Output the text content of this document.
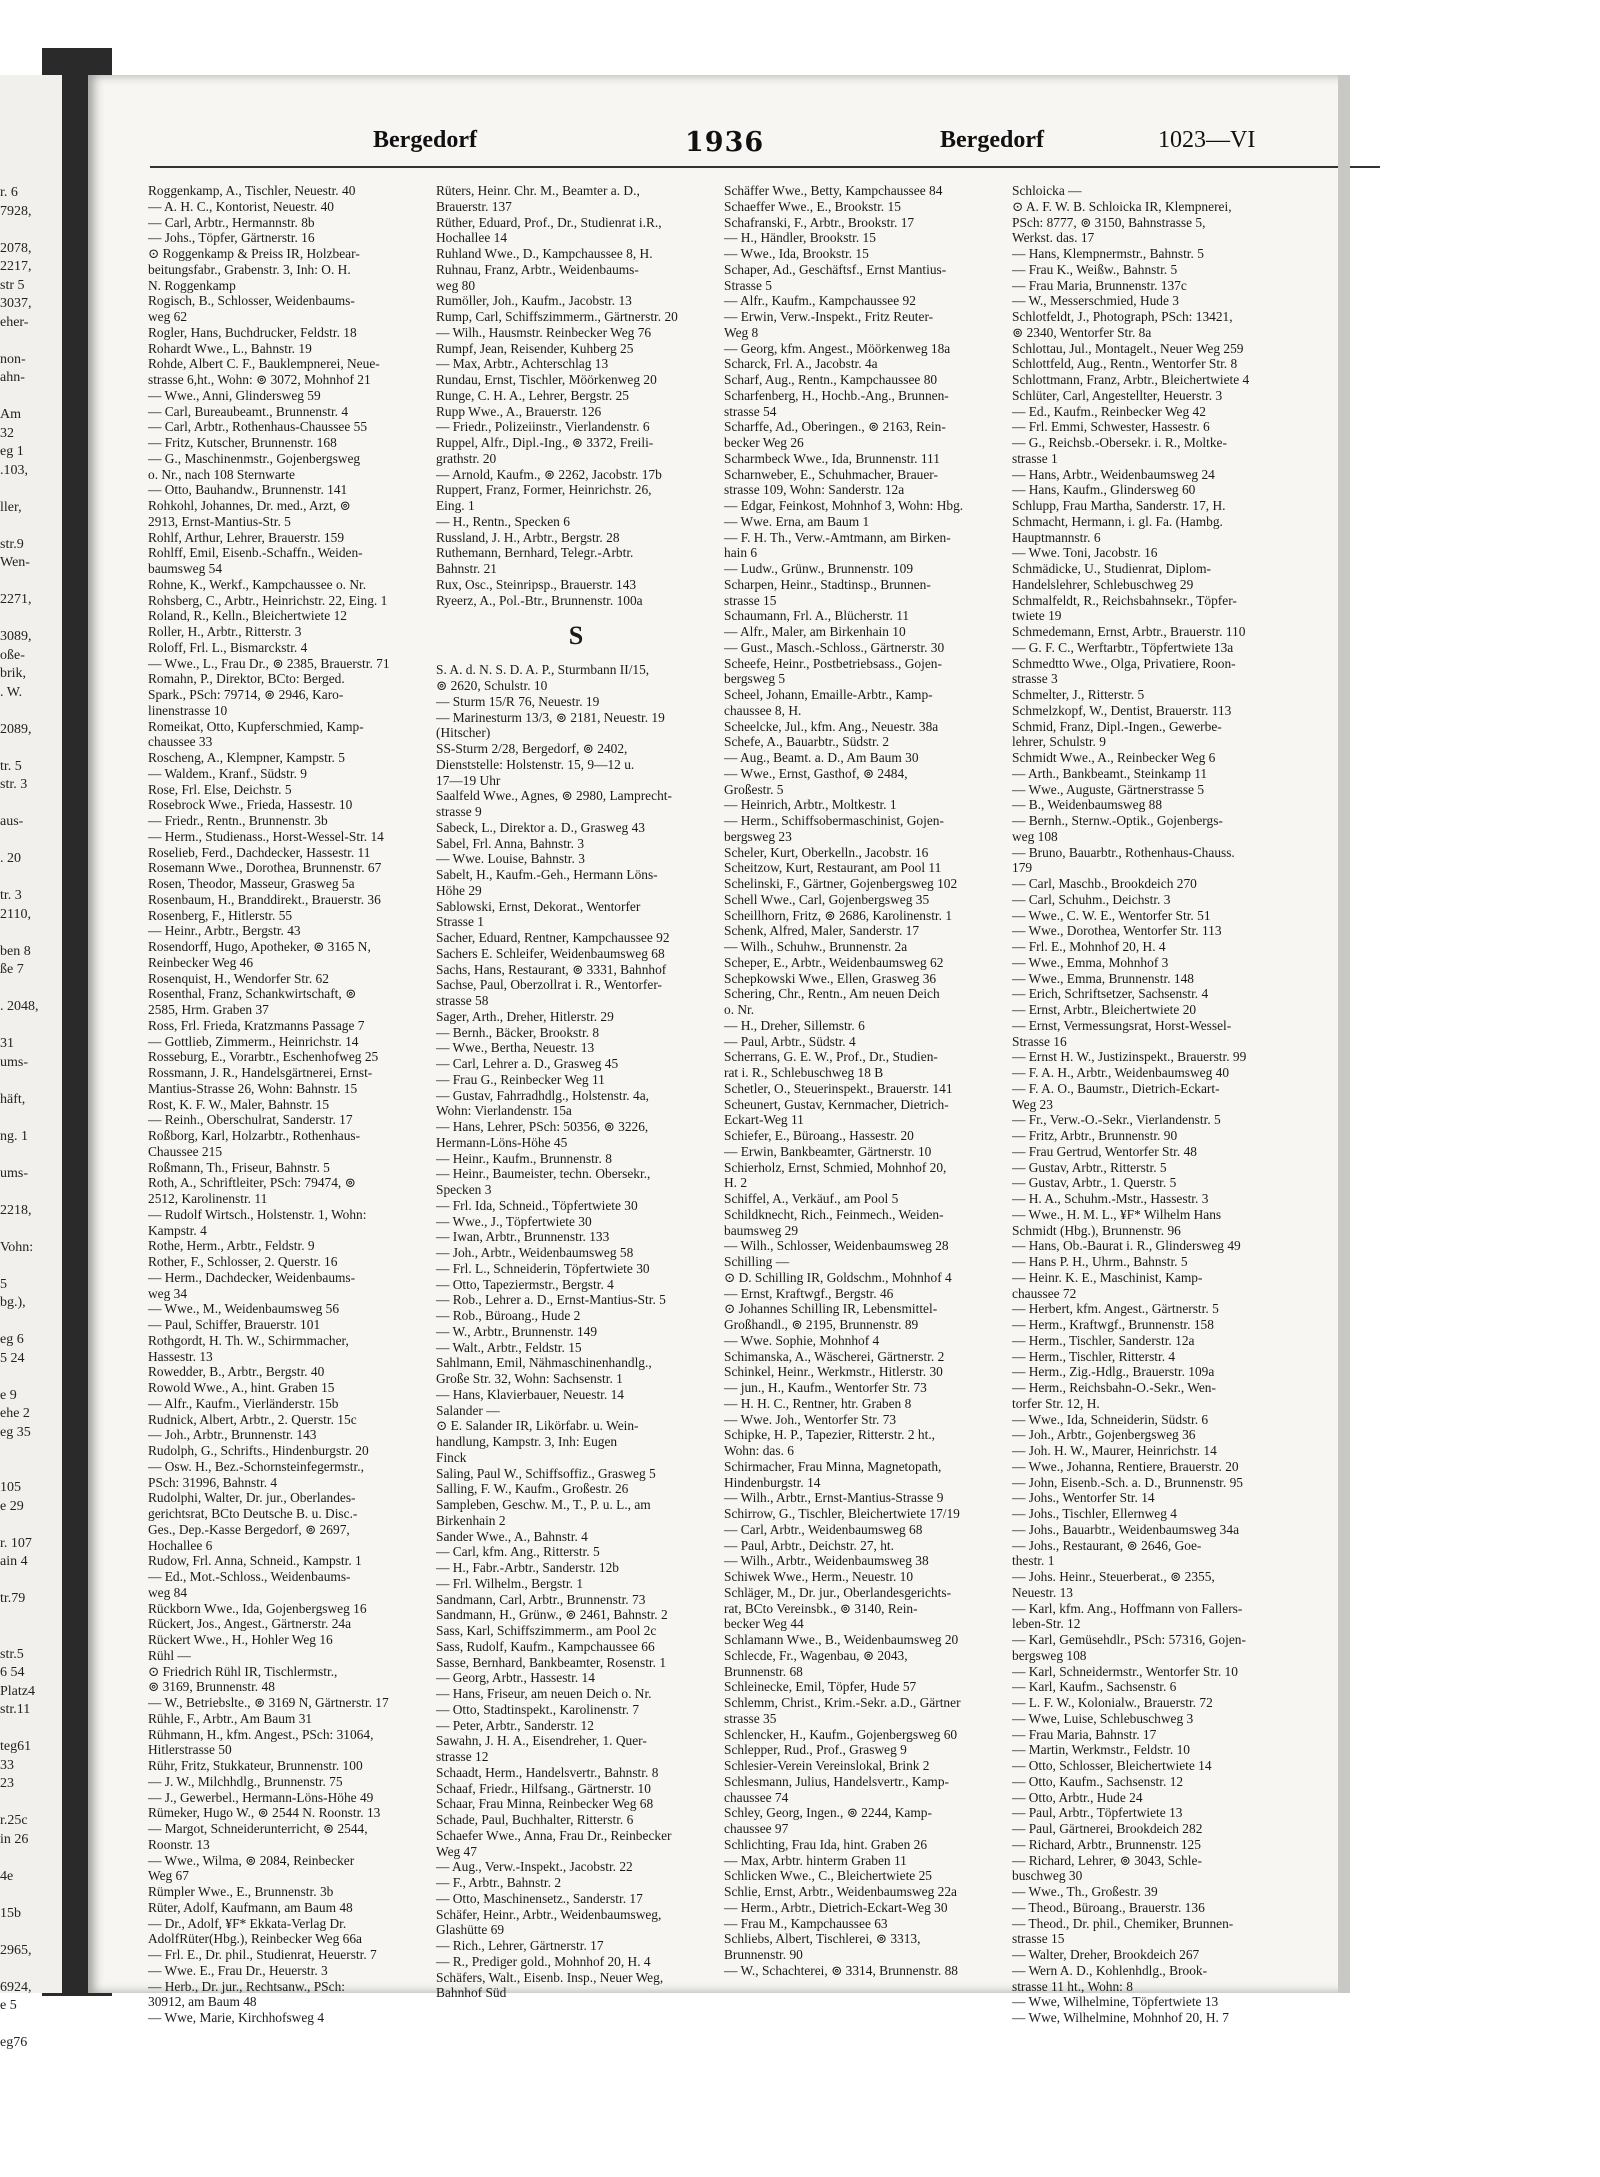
r. 6
7928,
2078,
2217,
str 5
3037,
eher-
non-
ahn-
Am
32
eg 1
.103,
ller,
str.9
Wen-
2271,
3089,
oße-
brik,
. W.
2089,
tr. 5
str. 3
aus-
. 20
tr. 3
2110,
ben 8
ße 7
. 2048,
31
ums-
häft,
ng. 1
ums-
2218,
Vohn:
5
bg.),
eg 6
5 24
e 9
ehe 2
eg 35
105
e 29
r. 107
ain 4
tr.79
str.5
6 54
Platz4
str.11
teg61
33
23
r.25c
in 26
4e
15b
2965,
6924,
e 5
eg76
Bergedorf	1936	Bergedorf	1023—VI
Roggenkamp, A., Tischler, Neuestr. 40
— A. H. C., Kontorist, Neuestr. 40
— Carl, Arbtr., Hermannstr. 8b
— Johs., Töpfer, Gärtnerstr. 16
⊙ Roggenkamp & Preiss IR, Holzbear-
beitungsfabr., Grabenstr. 3, Inh: O. H.
N. Roggenkamp
Rogisch, B., Schlosser, Weidenbaums-
weg 62
Rogler, Hans, Buchdrucker, Feldstr. 18
Rohardt Wwe., L., Bahnstr. 19
Rohde, Albert C. F., Bauklempnerei, Neue-
strasse 6,ht., Wohn: ⊚ 3072, Mohnhof 21
— Wwe., Anni, Glindersweg 59
— Carl, Bureaubeamt., Brunnenstr. 4
— Carl, Arbtr., Rothenhaus-Chaussee 55
— Fritz, Kutscher, Brunnenstr. 168
— G., Maschinenmstr., Gojenbergsweg
o. Nr., nach 108 Sternwarte
— Otto, Bauhandw., Brunnenstr. 141
Rohkohl, Johannes, Dr. med., Arzt, ⊚
2913, Ernst-Mantius-Str. 5
Rohlf, Arthur, Lehrer, Brauerstr. 159
Rohlff, Emil, Eisenb.-Schaffn., Weiden-
baumsweg 54
Rohne, K., Werkf., Kampchaussee o. Nr.
Rohsberg, C., Arbtr., Heinrichstr. 22, Eing. 1
Roland, R., Kelln., Bleichertwiete 12
Roller, H., Arbtr., Ritterstr. 3
Roloff, Frl. L., Bismarckstr. 4
— Wwe., L., Frau Dr., ⊚ 2385, Brauerstr. 71
Romahn, P., Direktor, BCto: Berged.
Spark., PSch: 79714, ⊚ 2946, Karo-
linenstrasse 10
Romeikat, Otto, Kupferschmied, Kamp-
chaussee 33
Roscheng, A., Klempner, Kampstr. 5
— Waldem., Kranf., Südstr. 9
Rose, Frl. Else, Deichstr. 5
Rosebrock Wwe., Frieda, Hassestr. 10
— Friedr., Rentn., Brunnenstr. 3b
— Herm., Studienass., Horst-Wessel-Str. 14
Roselieb, Ferd., Dachdecker, Hassestr. 11
Rosemann Wwe., Dorothea, Brunnenstr. 67
Rosen, Theodor, Masseur, Grasweg 5a
Rosenbaum, H., Branddirekt., Brauerstr. 36
Rosenberg, F., Hitlerstr. 55
— Heinr., Arbtr., Bergstr. 43
Rosendorff, Hugo, Apotheker, ⊚ 3165 N,
Reinbecker Weg 46
Rosenquist, H., Wendorfer Str. 62
Rosenthal, Franz, Schankwirtschaft, ⊚
2585, Hrm. Graben 37
Ross, Frl. Frieda, Kratzmanns Passage 7
— Gottlieb, Zimmerm., Heinrichstr. 14
Rosseburg, E., Vorarbtr., Eschenhofweg 25
Rossmann, J. R., Handelsgärtnerei, Ernst-
Mantius-Strasse 26, Wohn: Bahnstr. 15
Rost, K. F. W., Maler, Bahnstr. 15
— Reinh., Oberschulrat, Sanderstr. 17
Roßborg, Karl, Holzarbtr., Rothenhaus-
Chaussee 215
Roßmann, Th., Friseur, Bahnstr. 5
Roth, A., Schriftleiter, PSch: 79474, ⊚
2512, Karolinenstr. 11
— Rudolf Wirtsch., Holstenstr. 1, Wohn:
Kampstr. 4
Rothe, Herm., Arbtr., Feldstr. 9
Rother, F., Schlosser, 2. Querstr. 16
— Herm., Dachdecker, Weidenbaums-
weg 34
— Wwe., M., Weidenbaumsweg 56
— Paul, Schiffer, Brauerstr. 101
Rothgordt, H. Th. W., Schirmmacher,
Hassestr. 13
Rowedder, B., Arbtr., Bergstr. 40
Rowold Wwe., A., hint. Graben 15
— Alfr., Kaufm., Vierländerstr. 15b
Rudnick, Albert, Arbtr., 2. Querstr. 15c
— Joh., Arbtr., Brunnenstr. 143
Rudolph, G., Schrifts., Hindenburgstr. 20
— Osw. H., Bez.-Schornsteinfegermstr.,
PSch: 31996, Bahnstr. 4
Rudolphi, Walter, Dr. jur., Oberlandes-
gerichtsrat, BCto Deutsche B. u. Disc.-
Ges., Dep.-Kasse Bergedorf, ⊚ 2697,
Hochallee 6
Rudow, Frl. Anna, Schneid., Kampstr. 1
— Ed., Mot.-Schloss., Weidenbaums-
weg 84
Rückborn Wwe., Ida, Gojenbergsweg 16
Rückert, Jos., Angest., Gärtnerstr. 24a
Rückert Wwe., H., Hohler Weg 16
Rühl —
⊙ Friedrich Rühl IR, Tischlermstr.,
⊚ 3169, Brunnenstr. 48
— W., Betriebslte., ⊚ 3169 N, Gärtnerstr. 17
Rühle, F., Arbtr., Am Baum 31
Rühmann, H., kfm. Angest., PSch: 31064,
Hitlerstrasse 50
Rühr, Fritz, Stukkateur, Brunnenstr. 100
— J. W., Milchhdlg., Brunnenstr. 75
— J., Gewerbel., Hermann-Löns-Höhe 49
Rümeker, Hugo W., ⊚ 2544 N. Roonstr. 13
— Margot, Schneiderunterricht, ⊚ 2544,
Roonstr. 13
— Wwe., Wilma, ⊚ 2084, Reinbecker
Weg 67
Rümpler Wwe., E., Brunnenstr. 3b
Rüter, Adolf, Kaufmann, am Baum 48
— Dr., Adolf, ¥F* Ekkata-Verlag Dr.
AdolfRüter(Hbg.), Reinbecker Weg 66a
— Frl. E., Dr. phil., Studienrat, Heuerstr. 7
— Wwe. E., Frau Dr., Heuerstr. 3
— Herb., Dr. jur., Rechtsanw., PSch:
30912, am Baum 48
— Wwe, Marie, Kirchhofsweg 4
Rüters, Heinr. Chr. M., Beamter a. D.,
Brauerstr. 137
Rüther, Eduard, Prof., Dr., Studienrat i.R.,
Hochallee 14
Ruhland Wwe., D., Kampchaussee 8, H.
Ruhnau, Franz, Arbtr., Weidenbaums-
weg 80
Rumöller, Joh., Kaufm., Jacobstr. 13
Rump, Carl, Schiffszimmerm., Gärtnerstr. 20
— Wilh., Hausmstr. Reinbecker Weg 76
Rumpf, Jean, Reisender, Kuhberg 25
— Max, Arbtr., Achterschlag 13
Rundau, Ernst, Tischler, Möörkenweg 20
Runge, C. H. A., Lehrer, Bergstr. 25
Rupp Wwe., A., Brauerstr. 126
— Friedr., Polizeiinstr., Vierlandenstr. 6
Ruppel, Alfr., Dipl.-Ing., ⊚ 3372, Freili-
grathstr. 20
— Arnold, Kaufm., ⊚ 2262, Jacobstr. 17b
Ruppert, Franz, Former, Heinrichstr. 26,
Eing. 1
— H., Rentn., Specken 6
Russland, J. H., Arbtr., Bergstr. 28
Ruthemann, Bernhard, Telegr.-Arbtr.
Bahnstr. 21
Rux, Osc., Steinripsp., Brauerstr. 143
Ryeerz, A., Pol.-Btr., Brunnenstr. 100a
S
S. A. d. N. S. D. A. P., Sturmbann II/15,
⊚ 2620, Schulstr. 10
— Sturm 15/R 76, Neuestr. 19
— Marinesturm 13/3, ⊚ 2181, Neuestr. 19
(Hitscher)
SS-Sturm 2/28, Bergedorf, ⊚ 2402,
Dienststelle: Holstenstr. 15, 9—12 u.
17—19 Uhr
Saalfeld Wwe., Agnes, ⊚ 2980, Lamprecht-
strasse 9
Sabeck, L., Direktor a. D., Grasweg 43
Sabel, Frl. Anna, Bahnstr. 3
— Wwe. Louise, Bahnstr. 3
Sabelt, H., Kaufm.-Geh., Hermann Löns-
Höhe 29
Sablowski, Ernst, Dekorat., Wentorfer
Strasse 1
Sacher, Eduard, Rentner, Kampchaussee 92
Sachers E. Schleifer, Weidenbaumsweg 68
Sachs, Hans, Restaurant, ⊚ 3331, Bahnhof
Sachse, Paul, Oberzollrat i. R., Wentorfer-
strasse 58
Sager, Arth., Dreher, Hitlerstr. 29
— Bernh., Bäcker, Brookstr. 8
— Wwe., Bertha, Neuestr. 13
— Carl, Lehrer a. D., Grasweg 45
— Frau G., Reinbecker Weg 11
— Gustav, Fahrradhdlg., Holstenstr. 4a,
Wohn: Vierlandenstr. 15a
— Hans, Lehrer, PSch: 50356, ⊚ 3226,
Hermann-Löns-Höhe 45
— Heinr., Kaufm., Brunnenstr. 8
— Heinr., Baumeister, techn. Obersekr.,
Specken 3
— Frl. Ida, Schneid., Töpfertwiete 30
— Wwe., J., Töpfertwiete 30
— Iwan, Arbtr., Brunnenstr. 133
— Joh., Arbtr., Weidenbaumsweg 58
— Frl. L., Schneiderin, Töpfertwiete 30
— Otto, Tapeziermstr., Bergstr. 4
— Rob., Lehrer a. D., Ernst-Mantius-Str. 5
— Rob., Büroang., Hude 2
— W., Arbtr., Brunnenstr. 149
— Walt., Arbtr., Feldstr. 15
Sahlmann, Emil, Nähmaschinenhandlg.,
Große Str. 32, Wohn: Sachsenstr. 1
— Hans, Klavierbauer, Neuestr. 14
Salander —
⊙ E. Salander IR, Likörfabr. u. Wein-
handlung, Kampstr. 3, Inh: Eugen
Finck
Saling, Paul W., Schiffsoffiz., Grasweg 5
Salling, F. W., Kaufm., Großestr. 26
Sampleben, Geschw. M., T., P. u. L., am
Birkenhain 2
Sander Wwe., A., Bahnstr. 4
— Carl, kfm. Ang., Ritterstr. 5
— H., Fabr.-Arbtr., Sanderstr. 12b
— Frl. Wilhelm., Bergstr. 1
Sandmann, Carl, Arbtr., Brunnenstr. 73
Sandmann, H., Grünw., ⊚ 2461, Bahnstr. 2
Sass, Karl, Schiffszimmerm., am Pool 2c
Sass, Rudolf, Kaufm., Kampchaussee 66
Sasse, Bernhard, Bankbeamter, Rosenstr. 1
— Georg, Arbtr., Hassestr. 14
— Hans, Friseur, am neuen Deich o. Nr.
— Otto, Stadtinspekt., Karolinenstr. 7
— Peter, Arbtr., Sanderstr. 12
Sawahn, J. H. A., Eisendreher, 1. Quer-
strasse 12
Schaadt, Herm., Handelsvertr., Bahnstr. 8
Schaaf, Friedr., Hilfsang., Gärtnerstr. 10
Schaar, Frau Minna, Reinbecker Weg 68
Schade, Paul, Buchhalter, Ritterstr. 6
Schaefer Wwe., Anna, Frau Dr., Reinbecker
Weg 47
— Aug., Verw.-Inspekt., Jacobstr. 22
— F., Arbtr., Bahnstr. 2
— Otto, Maschinensetz., Sanderstr. 17
Schäfer, Heinr., Arbtr., Weidenbaumsweg,
Glashütte 69
— Rich., Lehrer, Gärtnerstr. 17
— R., Prediger gold., Mohnhof 20, H. 4
Schäfers, Walt., Eisenb. Insp., Neuer Weg,
Bahnhof Süd
Schäffer Wwe., Betty, Kampchaussee 84
Schaeffer Wwe., E., Brookstr. 15
Schafranski, F., Arbtr., Brookstr. 17
— H., Händler, Brookstr. 15
— Wwe., Ida, Brookstr. 15
Schaper, Ad., Geschäftsf., Ernst Mantius-
Strasse 5
— Alfr., Kaufm., Kampchaussee 92
— Erwin, Verw.-Inspekt., Fritz Reuter-
Weg 8
— Georg, kfm. Angest., Möörkenweg 18a
Scharck, Frl. A., Jacobstr. 4a
Scharf, Aug., Rentn., Kampchaussee 80
Scharfenberg, H., Hochb.-Ang., Brunnen-
strasse 54
Scharffe, Ad., Oberingen., ⊚ 2163, Rein-
becker Weg 26
Scharmbeck Wwe., Ida, Brunnenstr. 111
Scharnweber, E., Schuhmacher, Brauer-
strasse 109, Wohn: Sanderstr. 12a
— Edgar, Feinkost, Mohnhof 3, Wohn: Hbg.
— Wwe. Erna, am Baum 1
— F. H. Th., Verw.-Amtmann, am Birken-
hain 6
— Ludw., Grünw., Brunnenstr. 109
Scharpen, Heinr., Stadtinsp., Brunnen-
strasse 15
Schaumann, Frl. A., Blücherstr. 11
— Alfr., Maler, am Birkenhain 10
— Gust., Masch.-Schloss., Gärtnerstr. 30
Scheefe, Heinr., Postbetriebsass., Gojen-
bergsweg 5
Scheel, Johann, Emaille-Arbtr., Kamp-
chaussee 8, H.
Scheelcke, Jul., kfm. Ang., Neuestr. 38a
Schefe, A., Bauarbtr., Südstr. 2
— Aug., Beamt. a. D., Am Baum 30
— Wwe., Ernst, Gasthof, ⊚ 2484,
Großestr. 5
— Heinrich, Arbtr., Moltkestr. 1
— Herm., Schiffsobermaschinist, Gojen-
bergsweg 23
Scheler, Kurt, Oberkelln., Jacobstr. 16
Scheitzow, Kurt, Restaurant, am Pool 11
Schelinski, F., Gärtner, Gojenbergsweg 102
Schell Wwe., Carl, Gojenbergsweg 35
Scheillhorn, Fritz, ⊚ 2686, Karolinenstr. 1
Schenk, Alfred, Maler, Sanderstr. 17
— Wilh., Schuhw., Brunnenstr. 2a
Scheper, E., Arbtr., Weidenbaumsweg 62
Schepkowski Wwe., Ellen, Grasweg 36
Schering, Chr., Rentn., Am neuen Deich
o. Nr.
— H., Dreher, Sillemstr. 6
— Paul, Arbtr., Südstr. 4
Scherrans, G. E. W., Prof., Dr., Studien-
rat i. R., Schlebuschweg 18 B
Schetler, O., Steuerinspekt., Brauerstr. 141
Scheunert, Gustav, Kernmacher, Dietrich-
Eckart-Weg 11
Schiefer, E., Büroang., Hassestr. 20
— Erwin, Bankbeamter, Gärtnerstr. 10
Schierholz, Ernst, Schmied, Mohnhof 20,
H. 2
Schiffel, A., Verkäuf., am Pool 5
Schildknecht, Rich., Feinmech., Weiden-
baumsweg 29
— Wilh., Schlosser, Weidenbaumsweg 28
Schilling —
⊙ D. Schilling IR, Goldschm., Mohnhof 4
— Ernst, Kraftwgf., Bergstr. 46
⊙ Johannes Schilling IR, Lebensmittel-
Großhandl., ⊚ 2195, Brunnenstr. 89
— Wwe. Sophie, Mohnhof 4
Schimanska, A., Wäscherei, Gärtnerstr. 2
Schinkel, Heinr., Werkmstr., Hitlerstr. 30
— jun., H., Kaufm., Wentorfer Str. 73
— H. H. C., Rentner, htr. Graben 8
— Wwe. Joh., Wentorfer Str. 73
Schipke, H. P., Tapezier, Ritterstr. 2 ht.,
Wohn: das. 6
Schirmacher, Frau Minna, Magnetopath,
Hindenburgstr. 14
— Wilh., Arbtr., Ernst-Mantius-Strasse 9
Schirrow, G., Tischler, Bleichertwiete 17/19
— Carl, Arbtr., Weidenbaumsweg 68
— Paul, Arbtr., Deichstr. 27, ht.
— Wilh., Arbtr., Weidenbaumsweg 38
Schiwek Wwe., Herm., Neuestr. 10
Schläger, M., Dr. jur., Oberlandesgerichts-
rat, BCto Vereinsbk., ⊚ 3140, Rein-
becker Weg 44
Schlamann Wwe., B., Weidenbaumsweg 20
Schlecde, Fr., Wagenbau, ⊚ 2043,
Brunnenstr. 68
Schleinecke, Emil, Töpfer, Hude 57
Schlemm, Christ., Krim.-Sekr. a.D., Gärtner
strasse 35
Schlencker, H., Kaufm., Gojenbergsweg 60
Schlepper, Rud., Prof., Grasweg 9
Schlesier-Verein Vereinslokal, Brink 2
Schlesmann, Julius, Handelsvertr., Kamp-
chaussee 74
Schley, Georg, Ingen., ⊚ 2244, Kamp-
chaussee 97
Schlichting, Frau Ida, hint. Graben 26
— Max, Arbtr. hinterm Graben 11
Schlicken Wwe., C., Bleichertwiete 25
Schlie, Ernst, Arbtr., Weidenbaumsweg 22a
— Herm., Arbtr., Dietrich-Eckart-Weg 30
— Frau M., Kampchaussee 63
Schliebs, Albert, Tischlerei, ⊚ 3313,
Brunnenstr. 90
— W., Schachterei, ⊚ 3314, Brunnenstr. 88
Schloicka —
⊙ A. F. W. B. Schloicka IR, Klempnerei,
PSch: 8777, ⊚ 3150, Bahnstrasse 5,
Werkst. das. 17
— Hans, Klempnermstr., Bahnstr. 5
— Frau K., Weißw., Bahnstr. 5
— Frau Maria, Brunnenstr. 137c
— W., Messerschmied, Hude 3
Schlotfeldt, J., Photograph, PSch: 13421,
⊚ 2340, Wentorfer Str. 8a
Schlottau, Jul., Montagelt., Neuer Weg 259
Schlottfeld, Aug., Rentn., Wentorfer Str. 8
Schlottmann, Franz, Arbtr., Bleichertwiete 4
Schlüter, Carl, Angestellter, Heuerstr. 3
— Ed., Kaufm., Reinbecker Weg 42
— Frl. Emmi, Schwester, Hassestr. 6
— G., Reichsb.-Obersekr. i. R., Moltke-
strasse 1
— Hans, Arbtr., Weidenbaumsweg 24
— Hans, Kaufm., Glindersweg 60
Schlupp, Frau Martha, Sanderstr. 17, H.
Schmacht, Hermann, i. gl. Fa. (Hambg.
Hauptmannstr. 6
— Wwe. Toni, Jacobstr. 16
Schmädicke, U., Studienrat, Diplom-
Handelslehrer, Schlebuschweg 29
Schmalfeldt, R., Reichsbahnsekr., Töpfer-
twiete 19
Schmedemann, Ernst, Arbtr., Brauerstr. 110
— G. F. C., Werftarbtr., Töpfertwiete 13a
Schmedtto Wwe., Olga, Privatiere, Roon-
strasse 3
Schmelter, J., Ritterstr. 5
Schmelzkopf, W., Dentist, Brauerstr. 113
Schmid, Franz, Dipl.-Ingen., Gewerbe-
lehrer, Schulstr. 9
Schmidt Wwe., A., Reinbecker Weg 6
— Arth., Bankbeamt., Steinkamp 11
— Wwe., Auguste, Gärtnerstrasse 5
— B., Weidenbaumsweg 88
— Bernh., Sternw.-Optik., Gojenbergs-
weg 108
— Bruno, Bauarbtr., Rothenhaus-Chauss.
179
— Carl, Maschb., Brookdeich 270
— Carl, Schuhm., Deichstr. 3
— Wwe., C. W. E., Wentorfer Str. 51
— Wwe., Dorothea, Wentorfer Str. 113
— Frl. E., Mohnhof 20, H. 4
— Wwe., Emma, Mohnhof 3
— Wwe., Emma, Brunnenstr. 148
— Erich, Schriftsetzer, Sachsenstr. 4
— Ernst, Arbtr., Bleichertwiete 20
— Ernst, Vermessungsrat, Horst-Wessel-
Strasse 16
— Ernst H. W., Justizinspekt., Brauerstr. 99
— F. A. H., Arbtr., Weidenbaumsweg 40
— F. A. O., Baumstr., Dietrich-Eckart-
Weg 23
— Fr., Verw.-O.-Sekr., Vierlandenstr. 5
— Fritz, Arbtr., Brunnenstr. 90
— Frau Gertrud, Wentorfer Str. 48
— Gustav, Arbtr., Ritterstr. 5
— Gustav, Arbtr., 1. Querstr. 5
— H. A., Schuhm.-Mstr., Hassestr. 3
— Wwe., H. M. L., ¥F* Wilhelm Hans
Schmidt (Hbg.), Brunnenstr. 96
— Hans, Ob.-Baurat i. R., Glindersweg 49
— Hans P. H., Uhrm., Bahnstr. 5
— Heinr. K. E., Maschinist, Kamp-
chaussee 72
— Herbert, kfm. Angest., Gärtnerstr. 5
— Herm., Kraftwgf., Brunnenstr. 158
— Herm., Tischler, Sanderstr. 12a
— Herm., Tischler, Ritterstr. 4
— Herm., Zig.-Hdlg., Brauerstr. 109a
— Herm., Reichsbahn-O.-Sekr., Wen-
torfer Str. 12, H.
— Wwe., Ida, Schneiderin, Südstr. 6
— Joh., Arbtr., Gojenbergsweg 36
— Joh. H. W., Maurer, Heinrichstr. 14
— Wwe., Johanna, Rentiere, Brauerstr. 20
— John, Eisenb.-Sch. a. D., Brunnenstr. 95
— Johs., Wentorfer Str. 14
— Johs., Tischler, Ellernweg 4
— Johs., Bauarbtr., Weidenbaumsweg 34a
— Johs., Restaurant, ⊚ 2646, Goe-
thestr. 1
— Johs. Heinr., Steuerberat., ⊚ 2355,
Neuestr. 13
— Karl, kfm. Ang., Hoffmann von Fallers-
leben-Str. 12
— Karl, Gemüsehdlr., PSch: 57316, Gojen-
bergsweg 108
— Karl, Schneidermstr., Wentorfer Str. 10
— Karl, Kaufm., Sachsenstr. 6
— L. F. W., Kolonialw., Brauerstr. 72
— Wwe, Luise, Schlebuschweg 3
— Frau Maria, Bahnstr. 17
— Martin, Werkmstr., Feldstr. 10
— Otto, Schlosser, Bleichertwiete 14
— Otto, Kaufm., Sachsenstr. 12
— Otto, Arbtr., Hude 24
— Paul, Arbtr., Töpfertwiete 13
— Paul, Gärtnerei, Brookdeich 282
— Richard, Arbtr., Brunnenstr. 125
— Richard, Lehrer, ⊚ 3043, Schle-
buschweg 30
— Wwe., Th., Großestr. 39
— Theod., Büroang., Brauerstr. 136
— Theod., Dr. phil., Chemiker, Brunnen-
strasse 15
— Walter, Dreher, Brookdeich 267
— Wern A. D., Kohlenhdlg., Brook-
strasse 11 ht., Wohn: 8
— Wwe, Wilhelmine, Töpfertwiete 13
— Wwe, Wilhelmine, Mohnhof 20, H. 7
